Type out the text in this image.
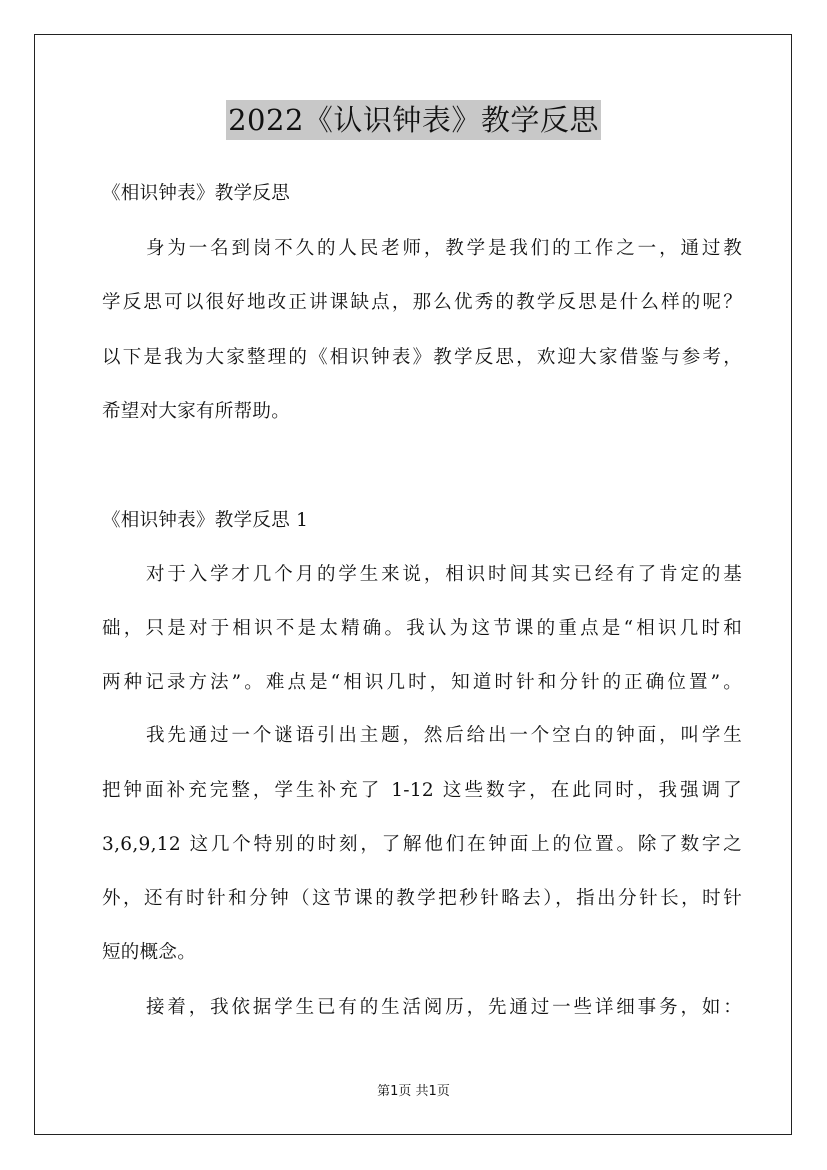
2022《认识钟表》教学反思
《相识钟表》教学反思
身为一名到岗不久的人民老师，教学是我们的工作之一，通过教
学反思可以很好地改正讲课缺点，那么优秀的教学反思是什么样的呢？
以下是我为大家整理的《相识钟表》教学反思，欢迎大家借鉴与参考，
希望对大家有所帮助。
《相识钟表》教学反思 1
对于入学才几个月的学生来说，相识时间其实已经有了肯定的基
础，只是对于相识不是太精确。我认为这节课的重点是“相识几时和
两种记录方法”。难点是“相识几时，知道时针和分针的正确位置”。
我先通过一个谜语引出主题，然后给出一个空白的钟面，叫学生
把钟面补充完整，学生补充了 1-12 这些数字，在此同时，我强调了
3,6,9,12 这几个特别的时刻，了解他们在钟面上的位置。除了数字之
外，还有时针和分钟（这节课的教学把秒针略去），指出分针长，时针
短的概念。
接着，我依据学生已有的生活阅历，先通过一些详细事务，如：
第1页 共1页
